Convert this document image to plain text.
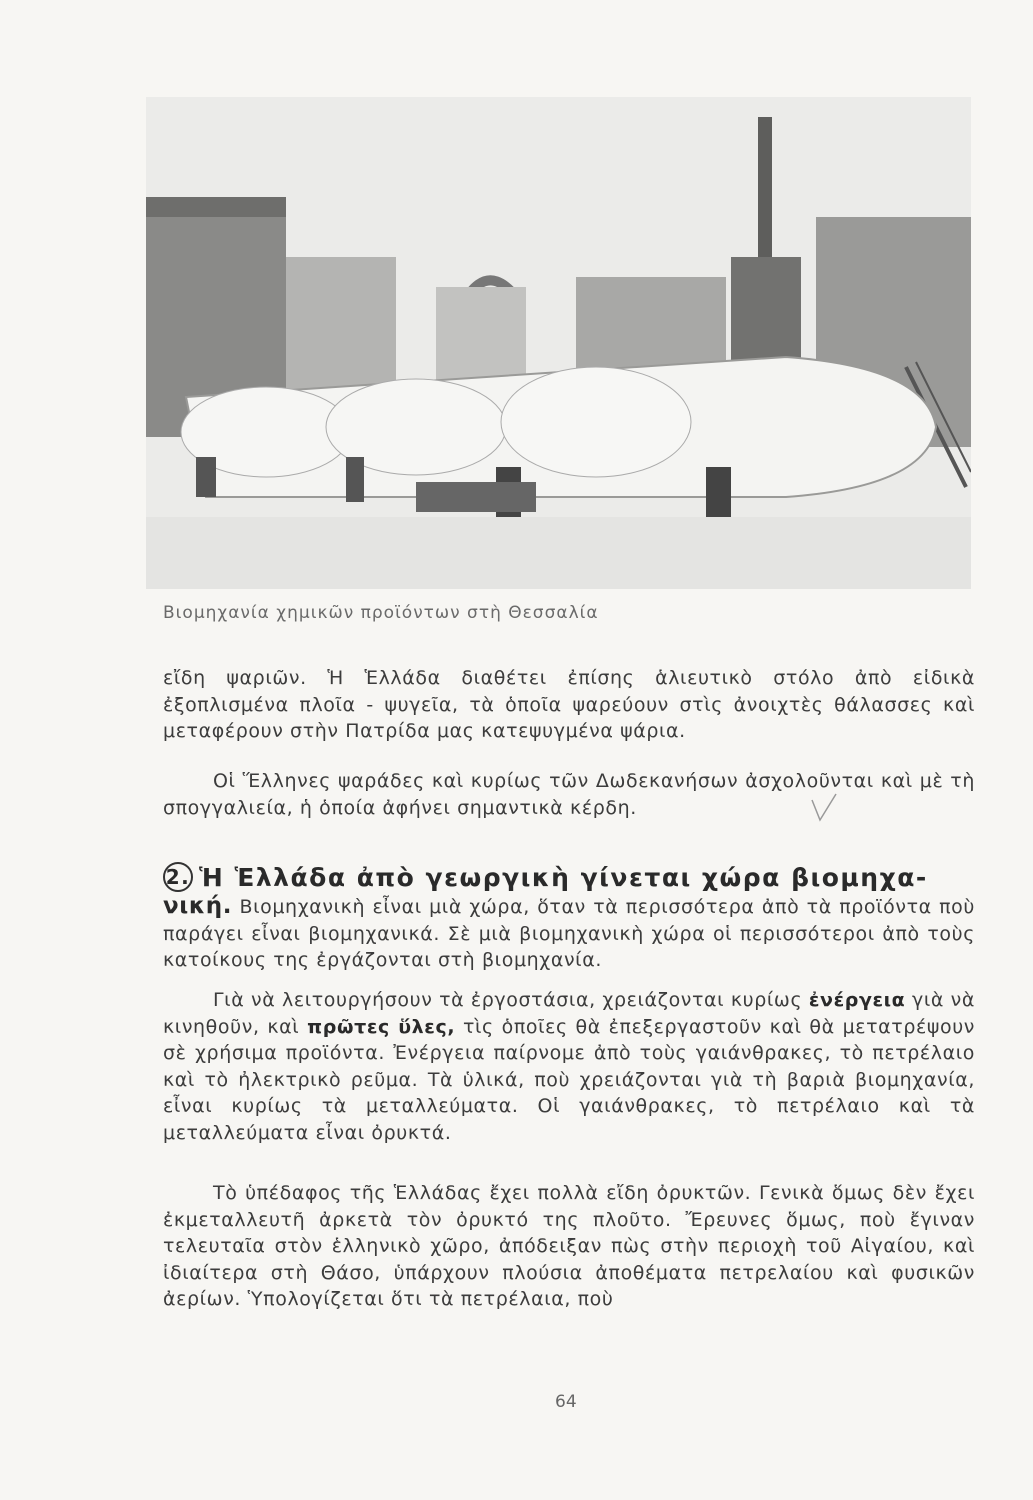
Βιομηχανία χημικῶν προϊόντων στὴ Θεσσαλία
εἴδη ψαριῶν. Ἡ Ἑλλάδα διαθέτει ἐπίσης ἁλιευτικὸ στόλο ἀπὸ εἰδικὰ ἐξοπλισμένα πλοῖα - ψυγεῖα, τὰ ὁποῖα ψαρεύουν στὶς ἀνοιχτὲς θάλασσες καὶ μεταφέρουν στὴν Πατρίδα μας κατεψυγμένα ψάρια.
Οἱ Ἕλληνες ψαράδες καὶ κυρίως τῶν Δωδεκανήσων ἀσχολοῦνται καὶ μὲ τὴ σπογγαλιεία, ἡ ὁποία ἀφήνει σημαντικὰ κέρδη.
2. Ἡ Ἑλλάδα ἀπὸ γεωργικὴ γίνεται χώρα βιομηχα-
νική. Βιομηχανικὴ εἶναι μιὰ χώρα, ὅταν τὰ περισσότερα ἀπὸ τὰ προϊόντα ποὺ παράγει εἶναι βιομηχανικά. Σὲ μιὰ βιομηχανικὴ χώρα οἱ περισσότεροι ἀπὸ τοὺς κατοίκους της ἐργάζονται στὴ βιομηχανία.
Γιὰ νὰ λειτουργήσουν τὰ ἐργοστάσια, χρειάζονται κυρίως ἐνέργεια γιὰ νὰ κινηθοῦν, καὶ πρῶτες ὕλες, τὶς ὁποῖες θὰ ἐπεξεργαστοῦν καὶ θὰ μετατρέψουν σὲ χρήσιμα προϊόντα. Ἐνέργεια παίρνομε ἀπὸ τοὺς γαιάνθρακες, τὸ πετρέλαιο καὶ τὸ ἠλεκτρικὸ ρεῦμα. Τὰ ὑλικά, ποὺ χρειάζονται γιὰ τὴ βαριὰ βιομηχανία, εἶναι κυρίως τὰ μεταλλεύματα. Οἱ γαιάνθρακες, τὸ πετρέλαιο καὶ τὰ μεταλλεύματα εἶναι ὀρυκτά.
Τὸ ὑπέδαφος τῆς Ἑλλάδας ἔχει πολλὰ εἴδη ὀρυκτῶν. Γενικὰ ὅμως δὲν ἔχει ἐκμεταλλευτῆ ἀρκετὰ τὸν ὀρυκτό της πλοῦτο. Ἔρευνες ὅμως, ποὺ ἔγιναν τελευταῖα στὸν ἑλληνικὸ χῶρο, ἀπόδειξαν πὼς στὴν περιοχὴ τοῦ Αἰγαίου, καὶ ἰδιαίτερα στὴ Θάσο, ὑπάρχουν πλούσια ἀποθέματα πετρελαίου καὶ φυσικῶν ἀερίων. Ὑπολογίζεται ὅτι τὰ πετρέλαια, ποὺ
64
